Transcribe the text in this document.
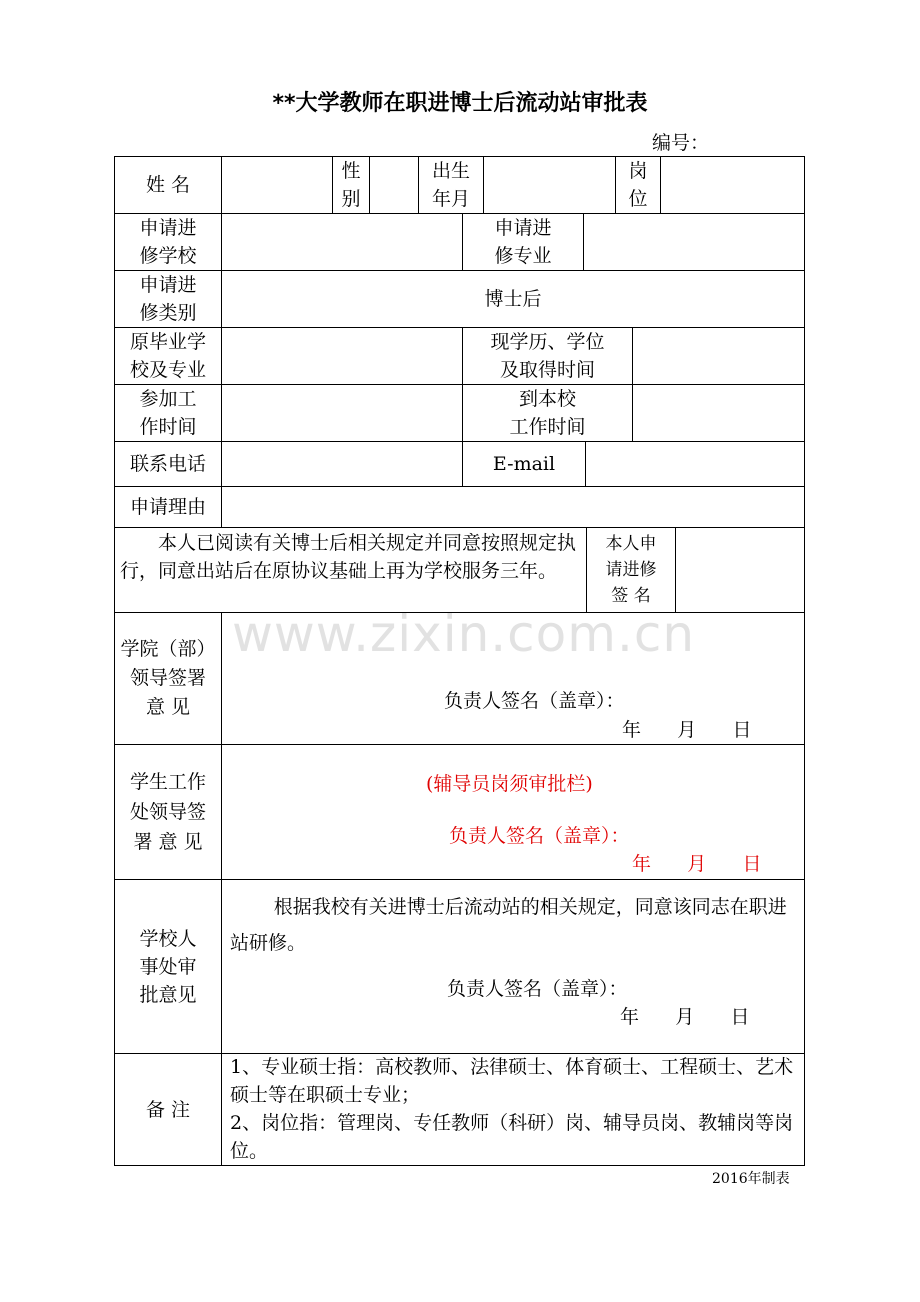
**大学教师在职进博士后流动站审批表
编号：
www.zixin.com.cn
姓 名
性
别
出生
年月
岗
位
申请进
修学校
申请进
修专业
申请进
修类别
博士后
原毕业学
校及专业
现学历、学位
及取得时间
参加工
作时间
到本校
工作时间
联系电话	E-mail
申请理由
本人已阅读有关博士后相关规定并同意按照规定执行，同意出站后在原协议基础上再为学校服务三年。
本人申
请进修
签 名
学院（部）
领导签署
意 见	负责人签名（盖章）：
年      月      日
学生工作
处领导签
署 意 见
(辅导员岗须审批栏)
负责人签名（盖章）：
年      月      日
学校人
事处审
批意见
根据我校有关进博士后流动站的相关规定，同意该同志在职进站研修。
负责人签名（盖章）：
年      月      日
备 注
1、专业硕士指：高校教师、法律硕士、体育硕士、工程硕士、艺术硕士等在职硕士专业；
2、岗位指：管理岗、专任教师（科研）岗、辅导员岗、教辅岗等岗位。
2016年制表
